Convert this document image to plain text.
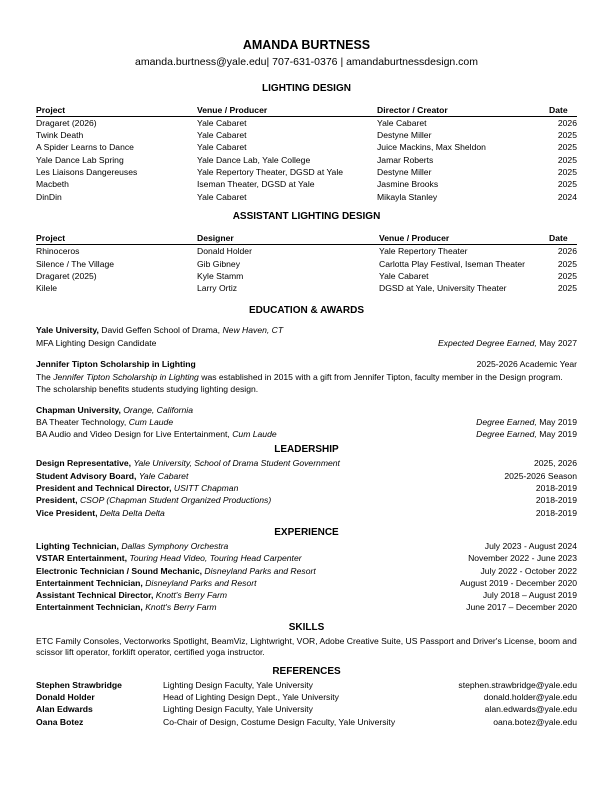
AMANDA BURTNESS
amanda.burtness@yale.edu| 707-631-0376 | amandaburtnessdesign.com
LIGHTING DESIGN
Project	Venue / Producer	Director / Creator	Date
Dragaret (2026)	Yale Cabaret	Yale Cabaret	2026
Twink Death	Yale Cabaret	Destyne Miller	2025
A Spider Learns to Dance	Yale Cabaret	Juice Mackins, Max Sheldon	2025
Yale Dance Lab Spring	Yale Dance Lab, Yale College	Jamar Roberts	2025
Les Liaisons Dangereuses	Yale Repertory Theater, DGSD at Yale	Destyne Miller	2025
Macbeth	Iseman Theater, DGSD at Yale	Jasmine Brooks	2025
DinDin	Yale Cabaret	Mikayla Stanley	2024
ASSISTANT LIGHTING DESIGN
Project	Designer	Venue / Producer	Date
Rhinoceros	Donald Holder	Yale Repertory Theater	2026
Silence / The Village	Gib Gibney	Carlotta Play Festival, Iseman Theater	2025
Dragaret (2025)	Kyle Stamm	Yale Cabaret	2025
Kilele	Larry Ortiz	DGSD at Yale, University Theater	2025
EDUCATION & AWARDS
Yale University, David Geffen School of Drama, New Haven, CT
MFA Lighting Design Candidate	Expected Degree Earned, May 2027
Jennifer Tipton Scholarship in Lighting	2025-2026 Academic Year

The Jennifer Tipton Scholarship in Lighting was established in 2015 with a gift from Jennifer Tipton, faculty member in the Design program. The scholarship benefits students studying lighting design.

Chapman University, Orange, California
BA Theater Technology, Cum Laude	Degree Earned, May 2019
BA Audio and Video Design for Live Entertainment, Cum Laude	Degree Earned, May 2019
LEADERSHIP
Design Representative, Yale University, School of Drama Student Government	2025, 2026
Student Advisory Board, Yale Cabaret	2025-2026 Season
President and Technical Director, USITT Chapman	2018-2019
President, CSOP (Chapman Student Organized Productions)	2018-2019
Vice President, Delta Delta Delta	2018-2019
EXPERIENCE
Lighting Technician, Dallas Symphony Orchestra	July 2023 - August 2024
VSTAR Entertainment, Touring Head Video, Touring Head Carpenter	November 2022 - June 2023
Electronic Technician / Sound Mechanic, Disneyland Parks and Resort	July 2022 - October 2022
Entertainment Technician, Disneyland Parks and Resort	August 2019 - December 2020
Assistant Technical Director, Knott's Berry Farm	July 2018 – August 2019
Entertainment Technician, Knott's Berry Farm	June 2017 – December 2020
SKILLS

ETC Family Consoles, Vectorworks Spotlight, BeamViz, Lightwright, VOR, Adobe Creative Suite, US Passport and Driver's License, boom and scissor lift operator, forklift operator, certified yoga instructor.

REFERENCES
Stephen Strawbridge	Lighting Design Faculty, Yale University	stephen.strawbridge@yale.edu
Donald Holder	Head of Lighting Design Dept., Yale University	donald.holder@yale.edu
Alan Edwards	Lighting Design Faculty, Yale University	alan.edwards@yale.edu
Oana Botez	Co-Chair of Design, Costume Design Faculty, Yale University	oana.botez@yale.edu
